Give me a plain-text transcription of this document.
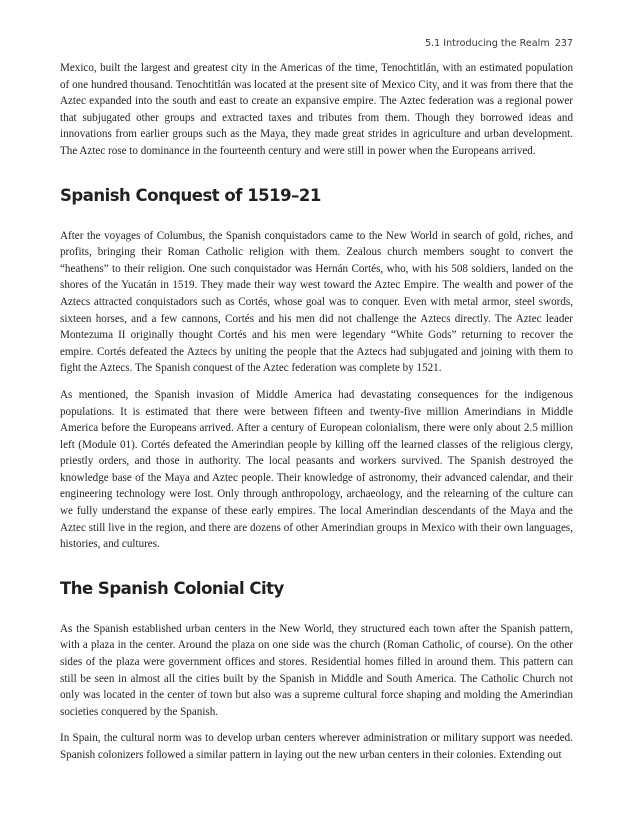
5.1 Introducing the Realm 237

Mexico, built the largest and greatest city in the Americas of the time, Tenochtitlán, with an estimated population of one hundred thousand. Tenochtitlán was located at the present site of Mexico City, and it was from there that the Aztec expanded into the south and east to create an expansive empire. The Aztec federation was a regional power that subjugated other groups and extracted taxes and tributes from them. Though they borrowed ideas and innovations from earlier groups such as the Maya, they made great strides in agriculture and urban development. The Aztec rose to dominance in the fourteenth century and were still in power when the Europeans arrived.

Spanish Conquest of 1519–21

After the voyages of Columbus, the Spanish conquistadors came to the New World in search of gold, riches, and profits, bringing their Roman Catholic religion with them. Zealous church members sought to convert the “heathens” to their religion. One such conquistador was Hernán Cortés, who, with his 508 soldiers, landed on the shores of the Yucatán in 1519. They made their way west toward the Aztec Empire. The wealth and power of the Aztecs attracted conquistadors such as Cortés, whose goal was to conquer. Even with metal armor, steel swords, sixteen horses, and a few cannons, Cortés and his men did not challenge the Aztecs directly. The Aztec leader Montezuma II originally thought Cortés and his men were legendary “White Gods” returning to recover the empire. Cortés defeated the Aztecs by uniting the people that the Aztecs had subjugated and joining with them to fight the Aztecs. The Spanish conquest of the Aztec federation was complete by 1521.

As mentioned, the Spanish invasion of Middle America had devastating consequences for the indigenous populations. It is estimated that there were between fifteen and twenty-five million Amerindians in Middle America before the Europeans arrived. After a century of European colonialism, there were only about 2.5 million left (Module 01). Cortés defeated the Amerindian people by killing off the learned classes of the religious clergy, priestly orders, and those in authority. The local peasants and workers survived. The Spanish destroyed the knowledge base of the Maya and Aztec people. Their knowledge of astronomy, their advanced calendar, and their engineering technology were lost. Only through anthropology, archaeology, and the relearning of the culture can we fully understand the expanse of these early empires. The local Amerindian descendants of the Maya and the Aztec still live in the region, and there are dozens of other Amerindian groups in Mexico with their own languages, histories, and cultures.

The Spanish Colonial City

As the Spanish established urban centers in the New World, they structured each town after the Spanish pattern, with a plaza in the center. Around the plaza on one side was the church (Roman Catholic, of course). On the other sides of the plaza were government offices and stores. Residential homes filled in around them. This pattern can still be seen in almost all the cities built by the Spanish in Middle and South America. The Catholic Church not only was located in the center of town but also was a supreme cultural force shaping and molding the Amerindian societies conquered by the Spanish.

In Spain, the cultural norm was to develop urban centers wherever administration or military support was needed. Spanish colonizers followed a similar pattern in laying out the new urban centers in their colonies. Extending out
